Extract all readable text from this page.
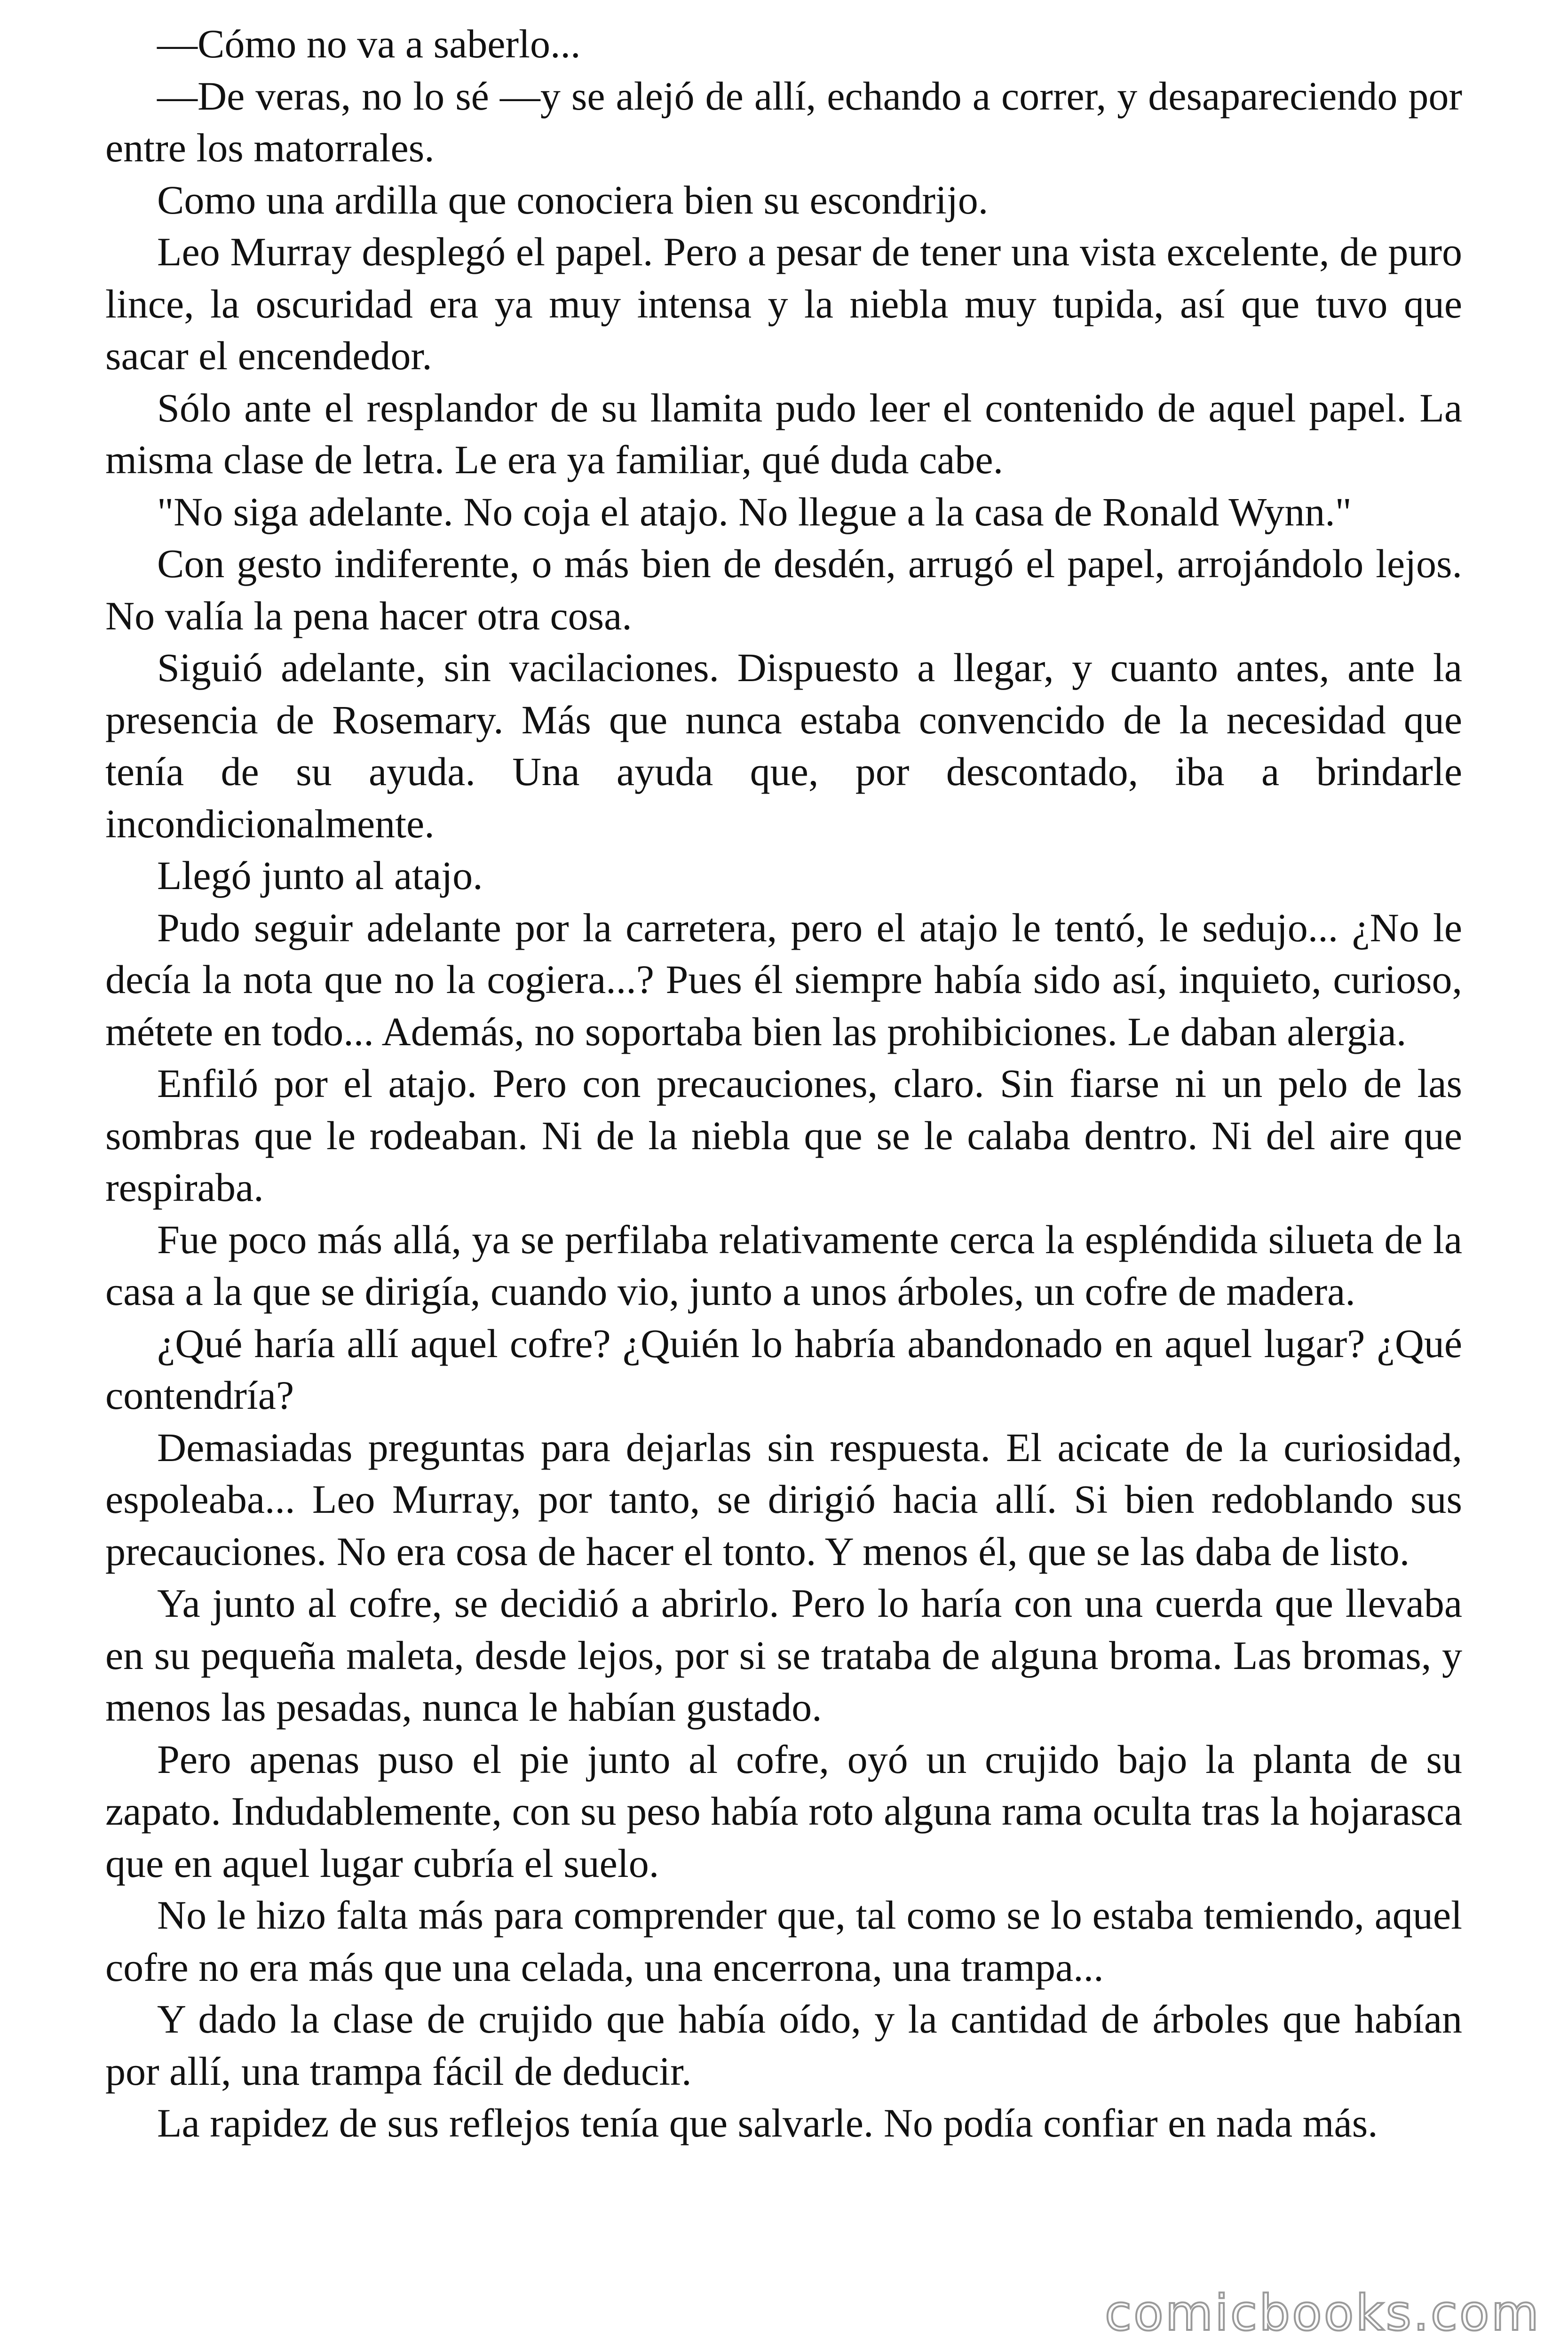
—Cómo no va a saberlo...

—De veras, no lo sé —y se alejó de allí, echando a correr, y desapareciendo por entre los matorrales.

Como una ardilla que conociera bien su escondrijo.

Leo Murray desplegó el papel. Pero a pesar de tener una vista excelente, de puro lince, la oscuridad era ya muy intensa y la niebla muy tupida, así que tuvo que sacar el encendedor.

Sólo ante el resplandor de su llamita pudo leer el contenido de aquel papel. La misma clase de letra. Le era ya familiar, qué duda cabe.

"No siga adelante. No coja el atajo. No llegue a la casa de Ronald Wynn."

Con gesto indiferente, o más bien de desdén, arrugó el papel, arrojándolo lejos. No valía la pena hacer otra cosa.

Siguió adelante, sin vacilaciones. Dispuesto a llegar, y cuanto antes, ante la presencia de Rosemary. Más que nunca estaba convencido de la necesidad que tenía de su ayuda. Una ayuda que, por descontado, iba a brindarle incondicionalmente.

Llegó junto al atajo.

Pudo seguir adelante por la carretera, pero el atajo le tentó, le sedujo... ¿No le decía la nota que no la cogiera...? Pues él siempre había sido así, inquieto, curioso, métete en todo... Además, no soportaba bien las prohibiciones. Le daban alergia.

Enfiló por el atajo. Pero con precauciones, claro. Sin fiarse ni un pelo de las sombras que le rodeaban. Ni de la niebla que se le calaba dentro. Ni del aire que respiraba.

Fue poco más allá, ya se perfilaba relativamente cerca la espléndida silueta de la casa a la que se dirigía, cuando vio, junto a unos árboles, un cofre de madera.

¿Qué haría allí aquel cofre? ¿Quién lo habría abandonado en aquel lugar? ¿Qué contendría?

Demasiadas preguntas para dejarlas sin respuesta. El acicate de la curiosidad, espoleaba... Leo Murray, por tanto, se dirigió hacia allí. Si bien redoblando sus precauciones. No era cosa de hacer el tonto. Y menos él, que se las daba de listo.

Ya junto al cofre, se decidió a abrirlo. Pero lo haría con una cuerda que llevaba en su pequeña maleta, desde lejos, por si se trataba de alguna broma. Las bromas, y menos las pesadas, nunca le habían gustado.

Pero apenas puso el pie junto al cofre, oyó un crujido bajo la planta de su zapato. Indudablemente, con su peso había roto alguna rama oculta tras la hojarasca que en aquel lugar cubría el suelo.

No le hizo falta más para comprender que, tal como se lo estaba temiendo, aquel cofre no era más que una celada, una encerrona, una trampa...

Y dado la clase de crujido que había oído, y la cantidad de árboles que habían por allí, una trampa fácil de deducir.

La rapidez de sus reflejos tenía que salvarle. No podía confiar en nada más.

comicbooks.com
